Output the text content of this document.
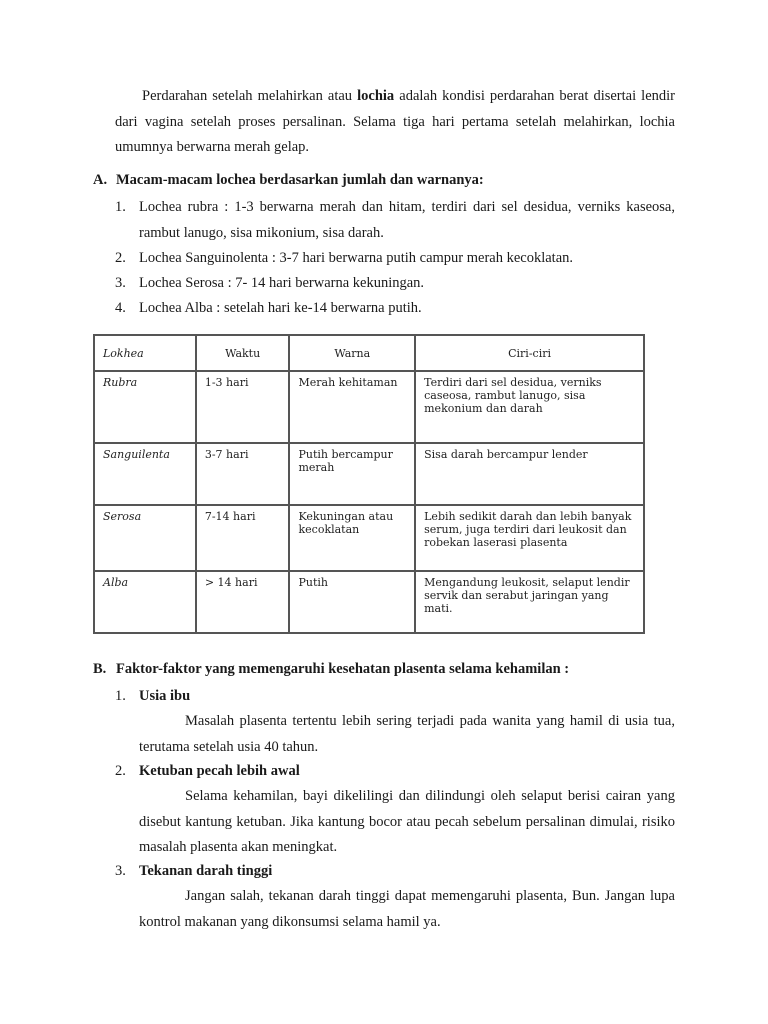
Perdarahan setelah melahirkan atau lochia adalah kondisi perdarahan berat disertai lendir dari vagina setelah proses persalinan. Selama tiga hari pertama setelah melahirkan, lochia umumnya berwarna merah gelap.
A. Macam-macam lochea berdasarkan jumlah dan warnanya:
1. Lochea rubra : 1-3 berwarna merah dan hitam, terdiri dari sel desidua, verniks kaseosa, rambut lanugo, sisa mikonium, sisa darah.
2. Lochea Sanguinolenta : 3-7 hari berwarna putih campur merah kecoklatan.
3. Lochea Serosa : 7- 14 hari berwarna kekuningan.
4. Lochea Alba : setelah hari ke-14 berwarna putih.
Lokhea	Waktu	Warna	Ciri-ciri
Rubra	1-3 hari	Merah kehitaman	Terdiri dari sel desidua, verniks caseosa, rambut lanugo, sisa mekonium dan darah
Sanguilenta	3-7 hari	Putih bercampur merah	Sisa darah bercampur lender
Serosa	7-14 hari	Kekuningan atau kecoklatan	Lebih sedikit darah dan lebih banyak serum, juga terdiri dari leukosit dan robekan laserasi plasenta
Alba	> 14 hari	Putih	Mengandung leukosit, selaput lendir servik dan serabut jaringan yang mati.
B. Faktor-faktor yang memengaruhi kesehatan plasenta selama kehamilan :
1. Usia ibu
Masalah plasenta tertentu lebih sering terjadi pada wanita yang hamil di usia tua, terutama setelah usia 40 tahun.
2. Ketuban pecah lebih awal
Selama kehamilan, bayi dikelilingi dan dilindungi oleh selaput berisi cairan yang disebut kantung ketuban. Jika kantung bocor atau pecah sebelum persalinan dimulai, risiko masalah plasenta akan meningkat.
3. Tekanan darah tinggi
Jangan salah, tekanan darah tinggi dapat memengaruhi plasenta, Bun. Jangan lupa kontrol makanan yang dikonsumsi selama hamil ya.
